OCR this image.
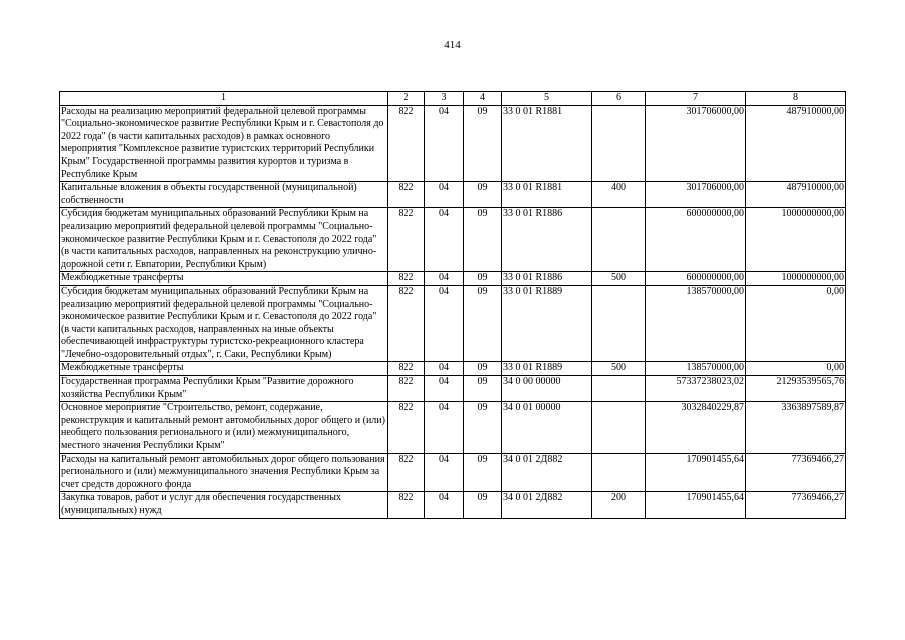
414
1	2	3	4	5	6	7	8
Расходы на реализацию мероприятий федеральной целевой программы "Социально-экономическое развитие Республики Крым и г. Севастополя до 2022 года" (в части капитальных расходов) в рамках основного мероприятия "Комплексное развитие туристских территорий Республики Крым" Государственной программы развития курортов и туризма в Республике Крым	822	04	09	33 0 01 R1881		301706000,00	487910000,00
Капитальные вложения в объекты государственной (муниципальной) собственности	822	04	09	33 0 01 R1881	400	301706000,00	487910000,00
Субсидия бюджетам муниципальных образований Республики Крым на реализацию мероприятий федеральной целевой программы "Социально-экономическое развитие Республики Крым и г. Севастополя до 2022 года" (в части капитальных расходов, направленных на реконструкцию улично-дорожной сети г. Евпатории, Республики Крым)	822	04	09	33 0 01 R1886		600000000,00	1000000000,00
Межбюджетные трансферты	822	04	09	33 0 01 R1886	500	600000000,00	1000000000,00
Субсидия бюджетам муниципальных образований Республики Крым на реализацию мероприятий федеральной целевой программы "Социально-экономическое развитие Республики Крым и г. Севастополя до 2022 года" (в части капитальных расходов, направленных на иные объекты обеспечивающей инфраструктуры туристско-рекреационного кластера "Лечебно-оздоровительный отдых", г. Саки, Республики Крым)	822	04	09	33 0 01 R1889		138570000,00	0,00
Межбюджетные трансферты	822	04	09	33 0 01 R1889	500	138570000,00	0,00
Государственная программа Республики Крым "Развитие дорожного хозяйства Республики Крым"	822	04	09	34 0 00 00000		57337238023,02	21293539565,76
Основное мероприятие "Строительство, ремонт, содержание, реконструкция и капитальный ремонт автомобильных дорог общего и (или) необщего пользования регионального и (или) межмуниципального, местного значения Республики Крым"	822	04	09	34 0 01 00000		3032840229,87	3363897589,87
Расходы на капитальный ремонт автомобильных дорог общего пользования регионального и (или) межмуниципального значения Республики Крым за счет средств дорожного фонда	822	04	09	34 0 01 2Д882		170901455,64	77369466,27
Закупка товаров, работ и услуг для обеспечения государственных (муниципальных) нужд	822	04	09	34 0 01 2Д882	200	170901455,64	77369466,27
